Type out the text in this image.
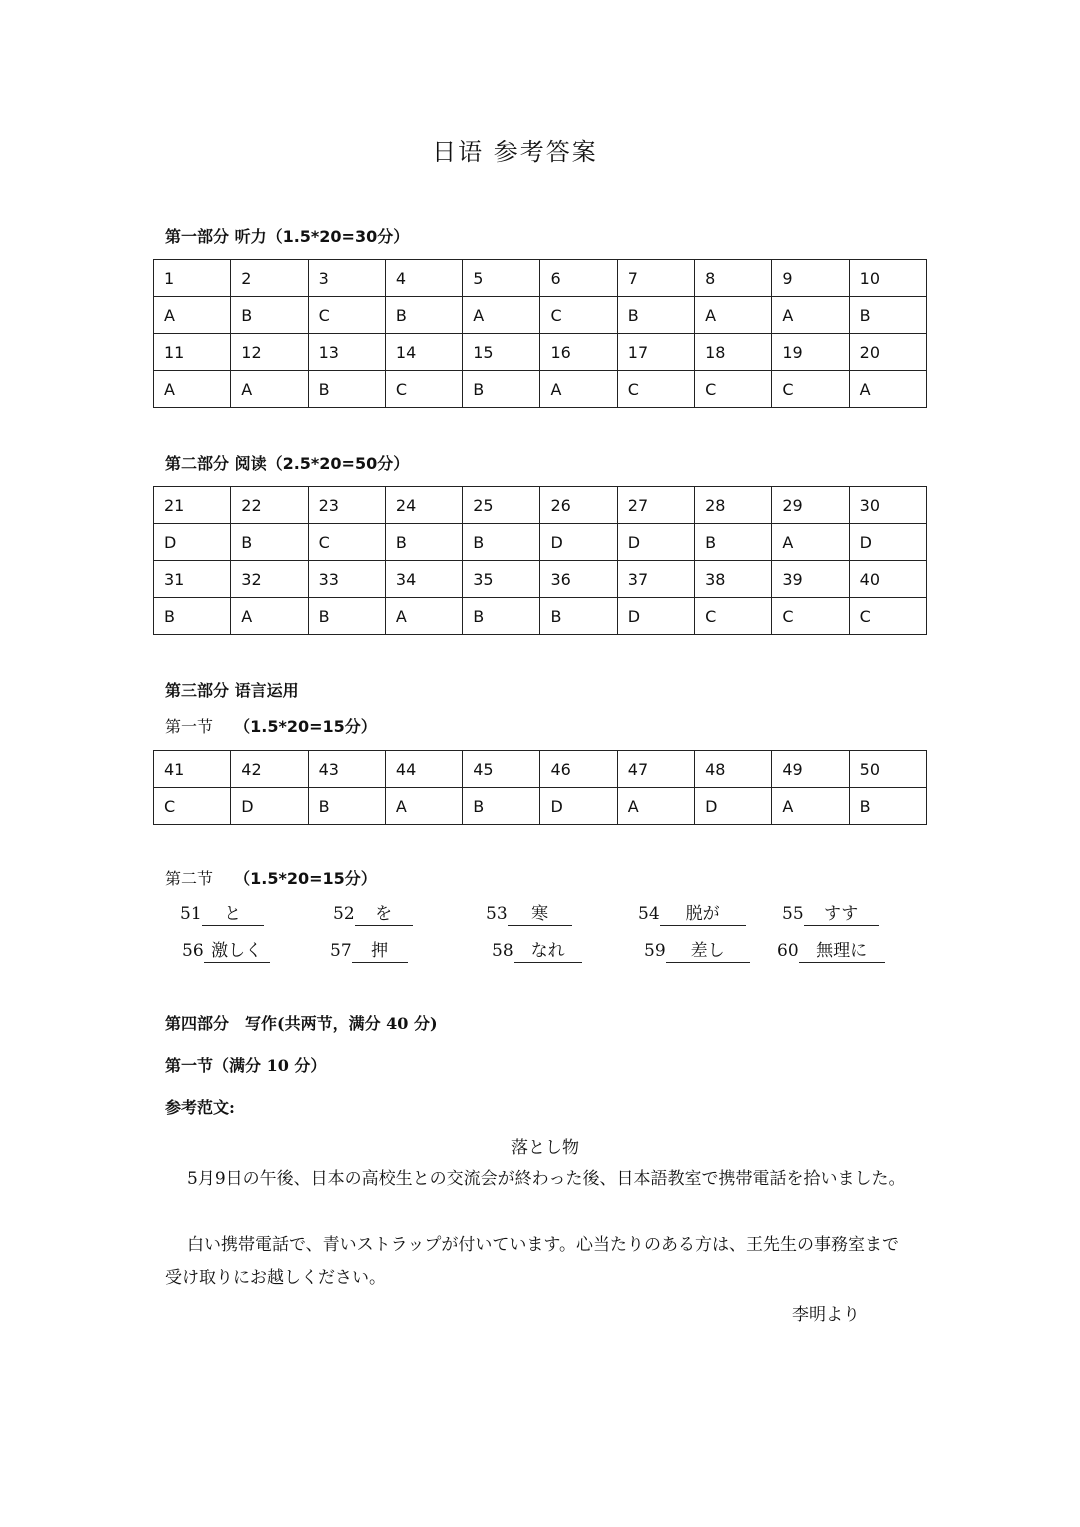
日语 参考答案
第一部分 听力（1.5*20=30分）
1	2	3	4	5	6	7	8	9	10
A	B	C	B	A	C	B	A	A	B
11	12	13	14	15	16	17	18	19	20
A	A	B	C	B	A	C	C	C	A
第二部分 阅读（2.5*20=50分）
21	22	23	24	25	26	27	28	29	30
D	B	C	B	B	D	D	B	A	D
31	32	33	34	35	36	37	38	39	40
B	A	B	A	B	B	D	C	C	C
第三部分 语言运用
第一节 （1.5*20=15分）
41	42	43	44	45	46	47	48	49	50
C	D	B	A	B	D	A	D	A	B
第二节 （1.5*20=15分）
51 と	52 を	53 寒	54 脱が	55 すす
56 激しく	57 押	58 なれ	59 差し	60 無理に
第四部分　写作(共两节，满分 40 分)
第一节（满分 10 分）
参考范文:
落とし物

5月9日の午後、日本の高校生との交流会が終わった後、日本語教室で携帯電話を拾いました。

白い携帯電話で、青いストラップが付いています。心当たりのある方は、王先生の事務室まで受け取りにお越しください。

李明より
